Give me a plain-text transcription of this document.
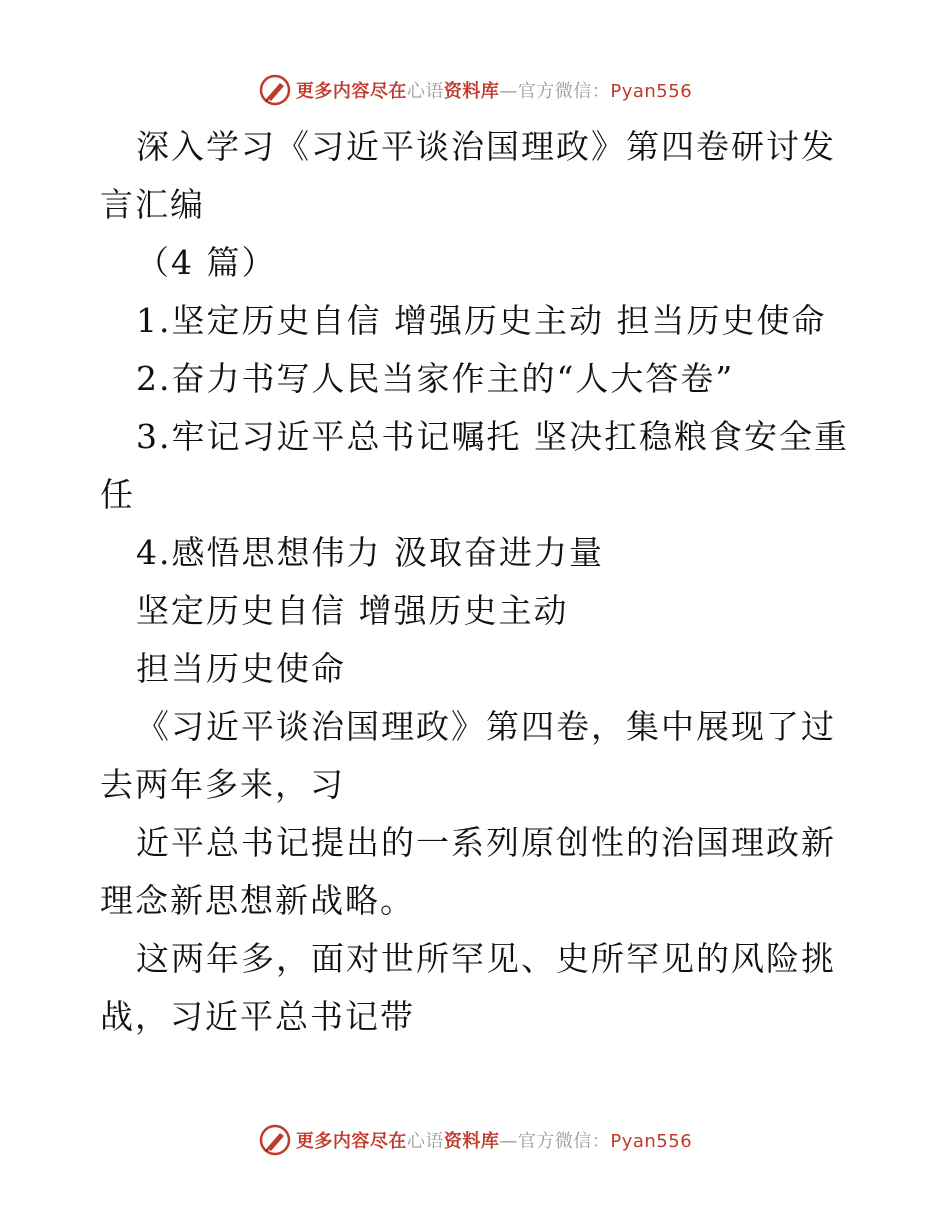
更多内容尽在心语资料库—官方微信：Pyan556

深入学习《习近平谈治国理政》第四卷研讨发言汇编

（4 篇）

1.坚定历史自信 增强历史主动 担当历史使命

2.奋力书写人民当家作主的“人大答卷”

3.牢记习近平总书记嘱托 坚决扛稳粮食安全重任

4.感悟思想伟力 汲取奋进力量

坚定历史自信 增强历史主动

担当历史使命

《习近平谈治国理政》第四卷，集中展现了过去两年多来，习

近平总书记提出的一系列原创性的治国理政新理念新思想新战略。

这两年多，面对世所罕见、史所罕见的风险挑战，习近平总书记带

更多内容尽在心语资料库—官方微信：Pyan556
